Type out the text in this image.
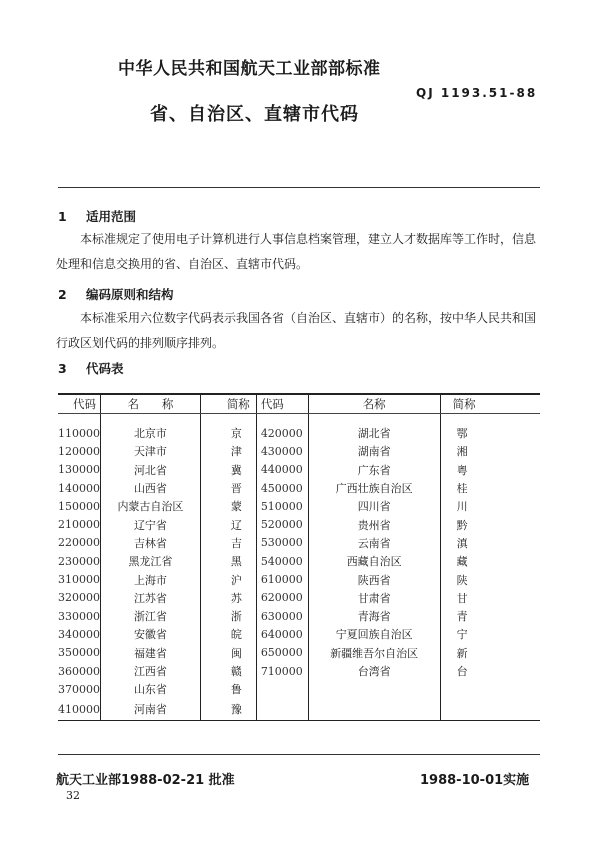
中华人民共和国航天工业部部标准
QJ 1193.51-88
省、自治区、直辖市代码
1 适用范围
本标准规定了使用电子计算机进行人事信息档案管理，建立人才数据库等工作时，信息处理和信息交换用的省、自治区、直辖市代码。
2 编码原则和结构
本标准采用六位数字代码表示我国各省（自治区、直辖市）的名称，按中华人民共和国行政区划代码的排列顺序排列。
3 代码表
代码	名　　称	简称	代码	名称	简称

110000	北京市	京	420000	湖北省	鄂
120000	天津市	津	430000	湖南省	湘
130000	河北省	冀	440000	广东省	粤
140000	山西省	晋	450000	广西壮族自治区	桂
150000	内蒙古自治区	蒙	510000	四川省	川
210000	辽宁省	辽	520000	贵州省	黔
220000	吉林省	吉	530000	云南省	滇
230000	黑龙江省	黑	540000	西藏自治区	藏
310000	上海市	沪	610000	陕西省	陕
320000	江苏省	苏	620000	甘肃省	甘
330000	浙江省	浙	630000	青海省	青
340000	安徽省	皖	640000	宁夏回族自治区	宁
350000	福建省	闽	650000	新疆维吾尔自治区	新
360000	江西省	赣	710000	台湾省	台
370000	山东省	鲁			
410000	河南省	豫			
航天工业部1988-02-21 批准	1988-10-01实施
32
